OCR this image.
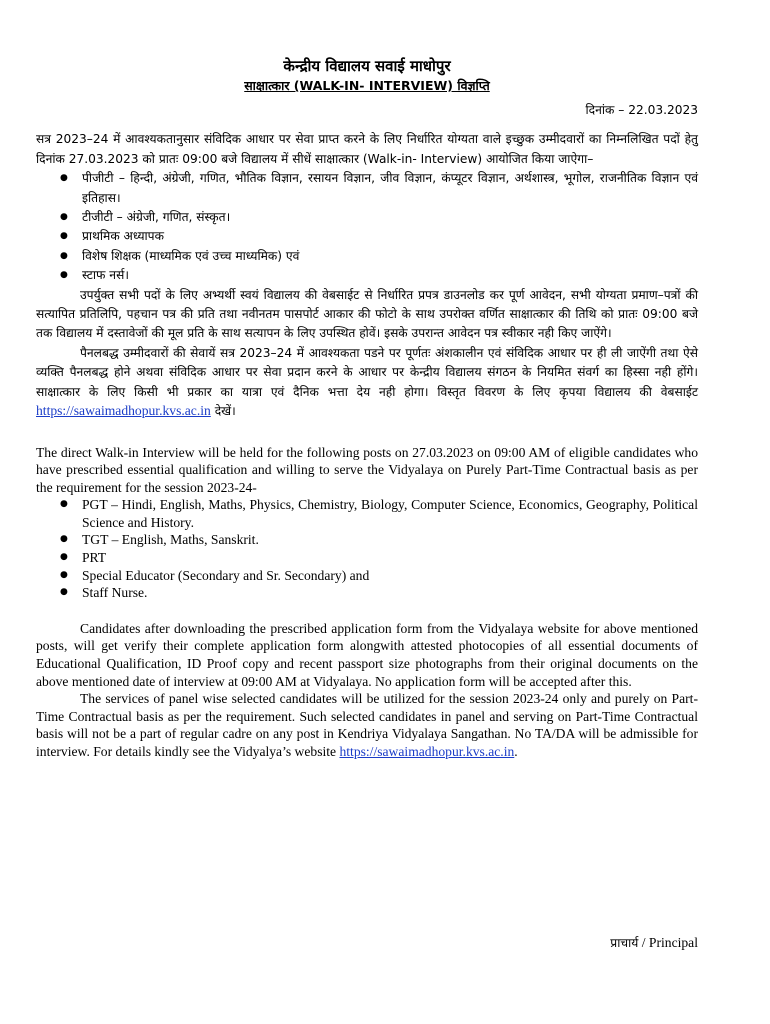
केन्द्रीय विद्यालय सवाई माधोपुर
साक्षात्कार (WALK-IN- INTERVIEW) विज्ञप्ति
दिनांक – 22.03.2023

सत्र 2023–24 में आवश्यकतानुसार संविदिक आधार पर सेवा प्राप्त करने के लिए निर्धारित योग्यता वाले इच्छुक उम्मीदवारों का निम्नलिखित पदों हेतु दिनांक 27.03.2023 को प्रातः 09:00 बजे विद्यालय में सीधें साक्षात्कार (Walk-in- Interview) आयोजित किया जाऐगा–

● पीजीटी – हिन्दी, अंग्रेजी, गणित, भौतिक विज्ञान, रसायन विज्ञान, जीव विज्ञान, कंप्यूटर विज्ञान, अर्थशास्त्र, भूगोल, राजनीतिक विज्ञान एवं इतिहास।
● टीजीटी – अंग्रेजी, गणित, संस्कृत।
● प्राथमिक अध्यापक
● विशेष शिक्षक (माध्यमिक एवं उच्च माध्यमिक) एवं
● स्टाफ नर्स।

उपर्युक्त सभी पदों के लिए अभ्यर्थी स्वयं विद्यालय की वेबसाईट से निर्धारित प्रपत्र डाउनलोड कर पूर्ण आवेदन, सभी योग्यता प्रमाण–पत्रों की सत्यापित प्रतिलिपि, पहचान पत्र की प्रति तथा नवीनतम पासपोर्ट आकार की फोटो के साथ उपरोक्त वर्णित साक्षात्कार की तिथि को प्रातः 09:00 बजे तक विद्यालय में दस्तावेजों की मूल प्रति के साथ सत्यापन के लिए उपस्थित होवें। इसके उपरान्त आवेदन पत्र स्वीकार नही किए जाऐंगे।

पैनलबद्ध उम्मीदवारों की सेवायें सत्र 2023–24 में आवश्यकता पडने पर पूर्णतः अंशकालीन एवं संविदिक आधार पर ही ली जाऐंगी तथा ऐसे व्यक्ति पैनलबद्ध होने अथवा संविदिक आधार पर सेवा प्रदान करने के आधार पर केन्द्रीय विद्यालय संगठन के नियमित संवर्ग का हिस्सा नही होंगे। साक्षात्कार के लिए किसी भी प्रकार का यात्रा एवं दैनिक भत्ता देय नही होगा। विस्तृत विवरण के लिए कृपया विद्यालय की वेबसाईट https://sawaimadhopur.kvs.ac.in देखें।

The direct Walk-in Interview will be held for the following posts on 27.03.2023 on 09:00 AM of eligible candidates who have prescribed essential qualification and willing to serve the Vidyalaya on Purely Part-Time Contractual basis as per the requirement for the session 2023-24-

● PGT – Hindi, English, Maths, Physics, Chemistry, Biology, Computer Science, Economics, Geography, Political Science and History.
● TGT – English, Maths, Sanskrit.
● PRT
● Special Educator (Secondary and Sr. Secondary) and
● Staff Nurse.

Candidates after downloading the prescribed application form from the Vidyalaya website for above mentioned posts, will get verify their complete application form alongwith attested photocopies of all essential documents of Educational Qualification, ID Proof copy and recent passport size photographs from their original documents on the above mentioned date of interview at 09:00 AM at Vidyalaya. No application form will be accepted after this.

The services of panel wise selected candidates will be utilized for the session 2023-24 only and purely on Part-Time Contractual basis as per the requirement. Such selected candidates in panel and serving on Part-Time Contractual basis will not be a part of regular cadre on any post in Kendriya Vidyalaya Sangathan. No TA/DA will be admissible for interview. For details kindly see the Vidyalya’s website https://sawaimadhopur.kvs.ac.in.

प्राचार्य / Principal
